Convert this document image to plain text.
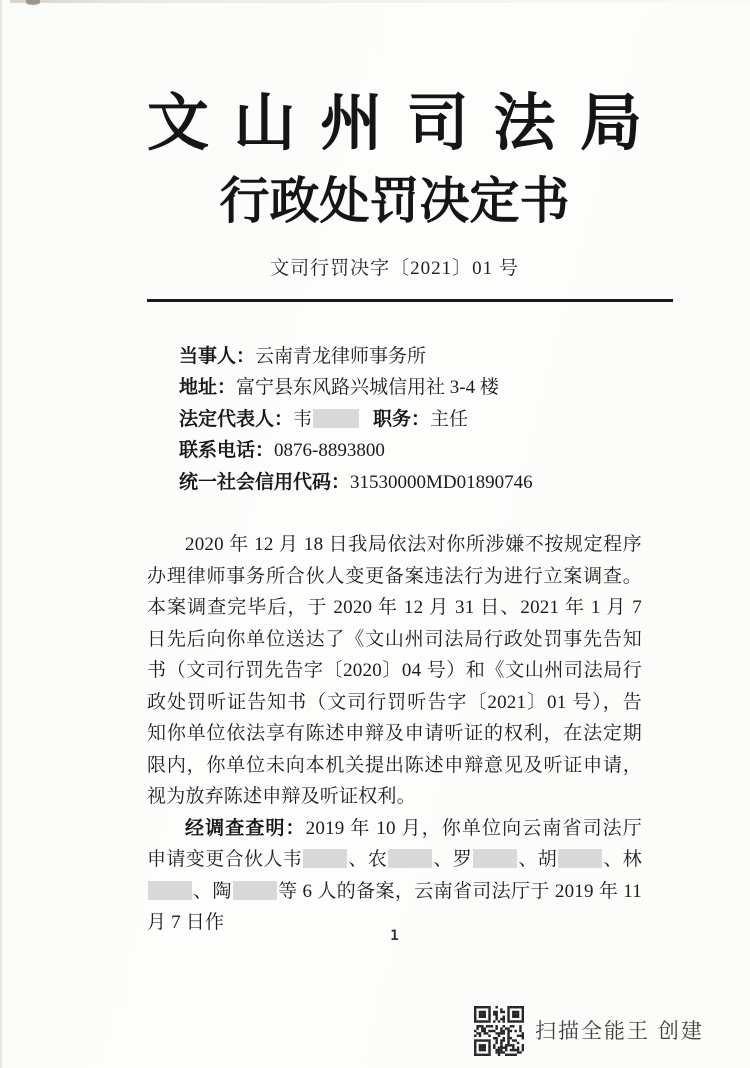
文山州司法局
行政处罚决定书
文司行罚决字〔2021〕01 号
当事人：云南青龙律师事务所
地址：富宁县东风路兴城信用社 3-4 楼
法定代表人：韦	职务：主任
联系电话：0876-8893800
统一社会信用代码：31530000MD01890746

2020 年 12 月 18 日我局依法对你所涉嫌不按规定程序办理律师事务所合伙人变更备案违法行为进行立案调查。本案调查完毕后，于 2020 年 12 月 31 日、2021 年 1 月 7 日先后向你单位送达了《文山州司法局行政处罚事先告知书（文司行罚先告字〔2020〕04 号）和《文山州司法局行政处罚听证告知书（文司行罚听告字〔2021〕01 号），告知你单位依法享有陈述申辩及申请听证的权利，在法定期限内，你单位未向本机关提出陈述申辩意见及听证申请，视为放弃陈述申辩及听证权利。

经调查查明：2019 年 10 月，你单位向云南省司法厅申请变更合伙人韦 、农 、罗 、胡 、林、陶 等 6 人的备案，云南省司法厅于 2019 年 11 月 7 日作

1
扫描全能王 创建
